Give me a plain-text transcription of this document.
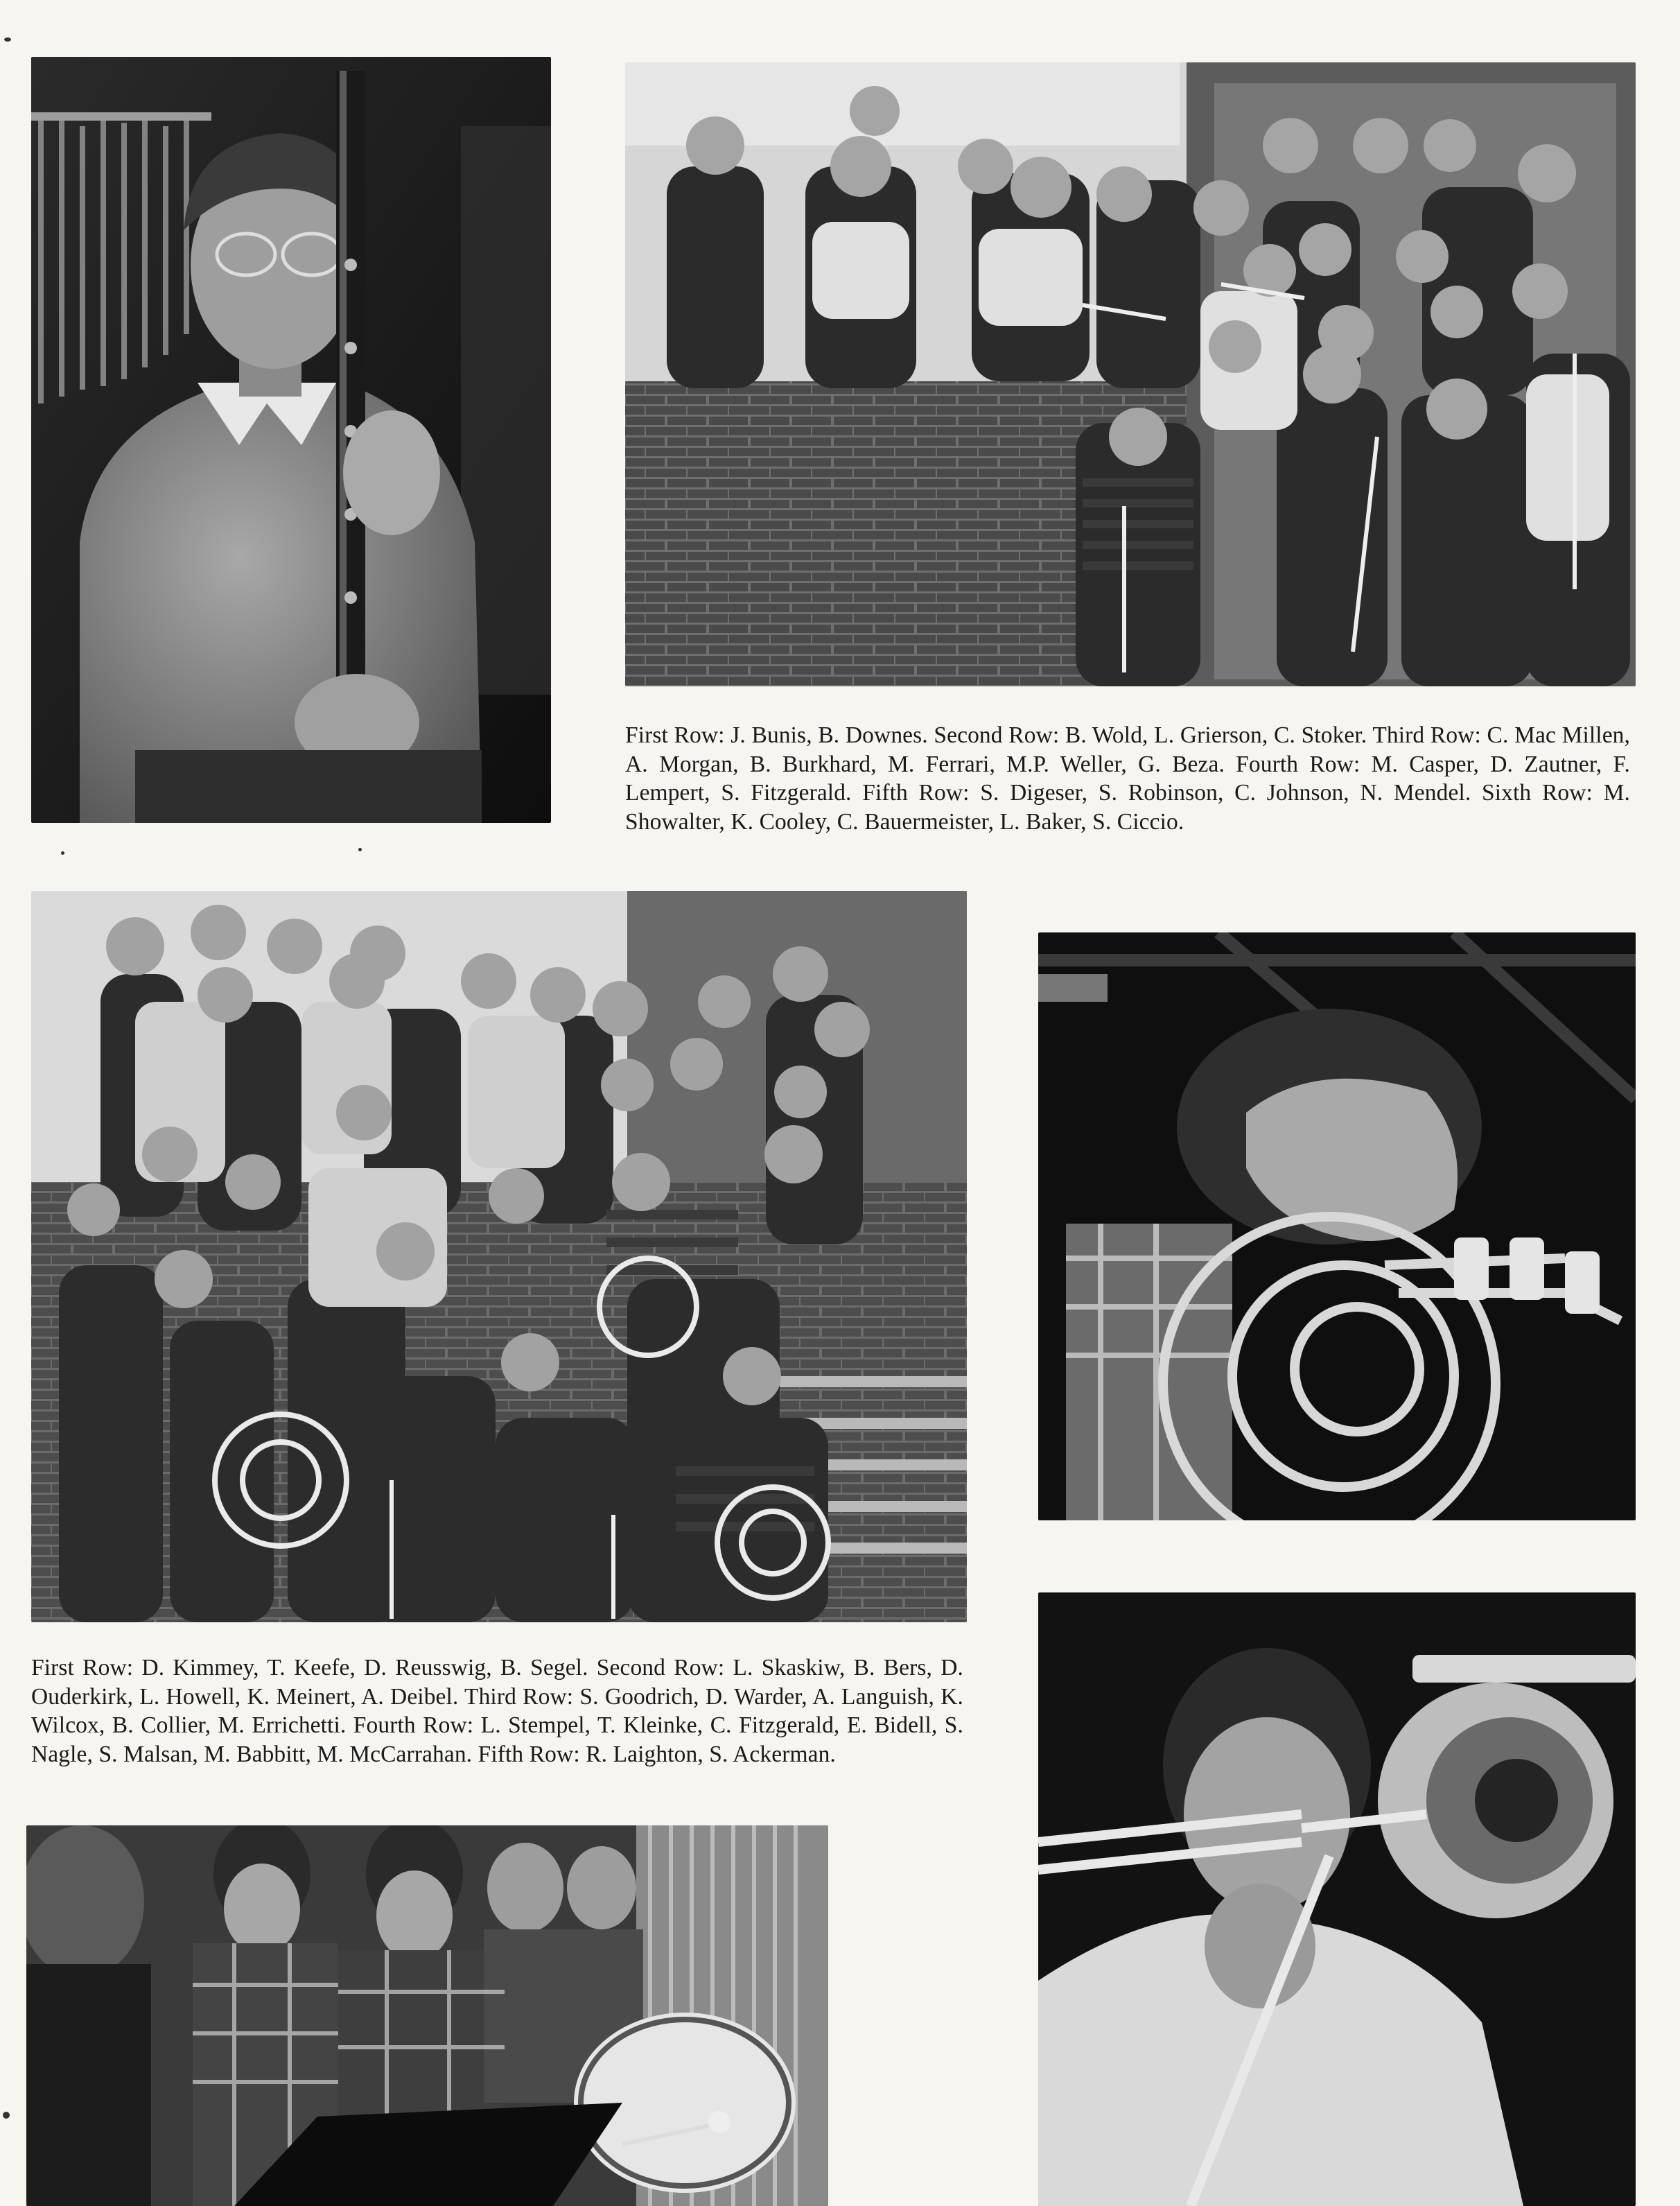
First Row: J. Bunis, B. Downes. Second Row: B. Wold, L. Grierson, C. Stoker. Third Row: C. Mac Millen, A. Morgan, B. Burkhard, M. Ferrari, M.P. Weller, G. Beza. Fourth Row: M. Casper, D. Zautner, F. Lempert, S. Fitzgerald. Fifth Row: S. Digeser, S. Robinson, C. Johnson, N. Mendel. Sixth Row: M. Showalter, K. Cooley, C. Bauermeister, L. Baker, S. Ciccio.

First Row: D. Kimmey, T. Keefe, D. Reusswig, B. Segel. Second Row: L. Skaskiw, B. Bers, D. Ouderkirk, L. Howell, K. Meinert, A. Deibel. Third Row: S. Goodrich, D. Warder, A. Languish, K. Wilcox, B. Collier, M. Errichetti. Fourth Row: L. Stempel, T. Kleinke, C. Fitzgerald, E. Bidell, S. Nagle, S. Malsan, M. Babbitt, M. McCarrahan. Fifth Row: R. Laighton, S. Ackerman.
